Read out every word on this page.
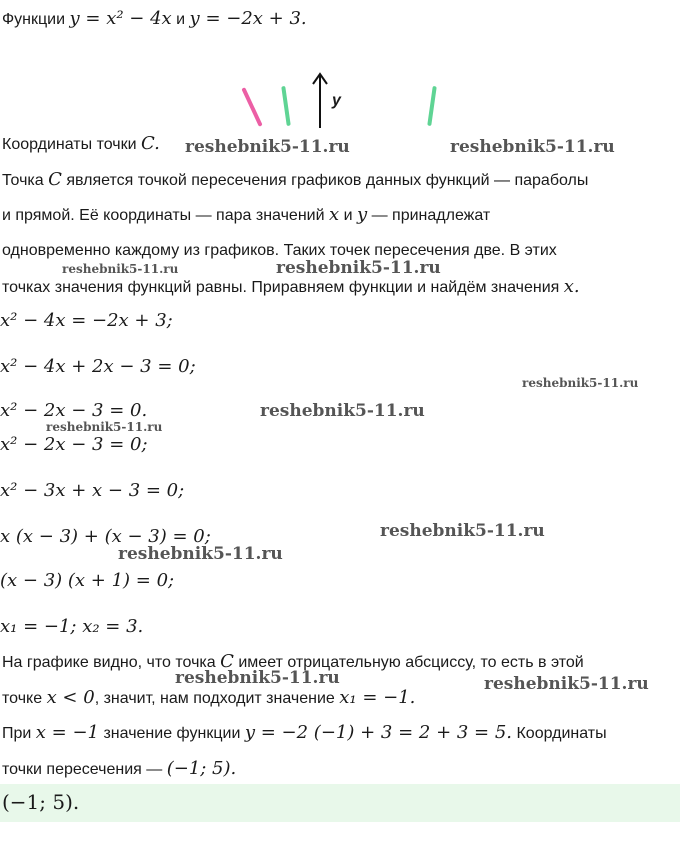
Функции y = x² − 4x и y = −2x + 3.
y
Координаты точки C.
Точка C является точкой пересечения графиков данных функций — параболы
и прямой. Её координаты — пара значений x и y — принадлежат
одновременно каждому из графиков. Таких точек пересечения две. В этих
точках значения функций равны. Приравняем функции и найдём значения x.
x² − 4x = −2x + 3;
x² − 4x + 2x − 3 = 0;
x² − 2x − 3 = 0.
x² − 2x − 3 = 0;
x² − 3x + x − 3 = 0;
x (x − 3) + (x − 3) = 0;
(x − 3) (x + 1) = 0;
x₁ = −1; x₂ = 3.
На графике видно, что точка C имеет отрицательную абсциссу, то есть в этой
точке x < 0, значит, нам подходит значение x₁ = −1.
При x = −1 значение функции y = −2 (−1) + 3 = 2 + 3 = 5. Координаты
точки пересечения — (−1; 5).
(−1; 5).
reshebnik5-11.ru	reshebnik5-11.ru
reshebnik5-11.ru	reshebnik5-11.ru
reshebnik5-11.ru
reshebnik5-11.ru
reshebnik5-11.ru
reshebnik5-11.ru
reshebnik5-11.ru
reshebnik5-11.ru	reshebnik5-11.ru
